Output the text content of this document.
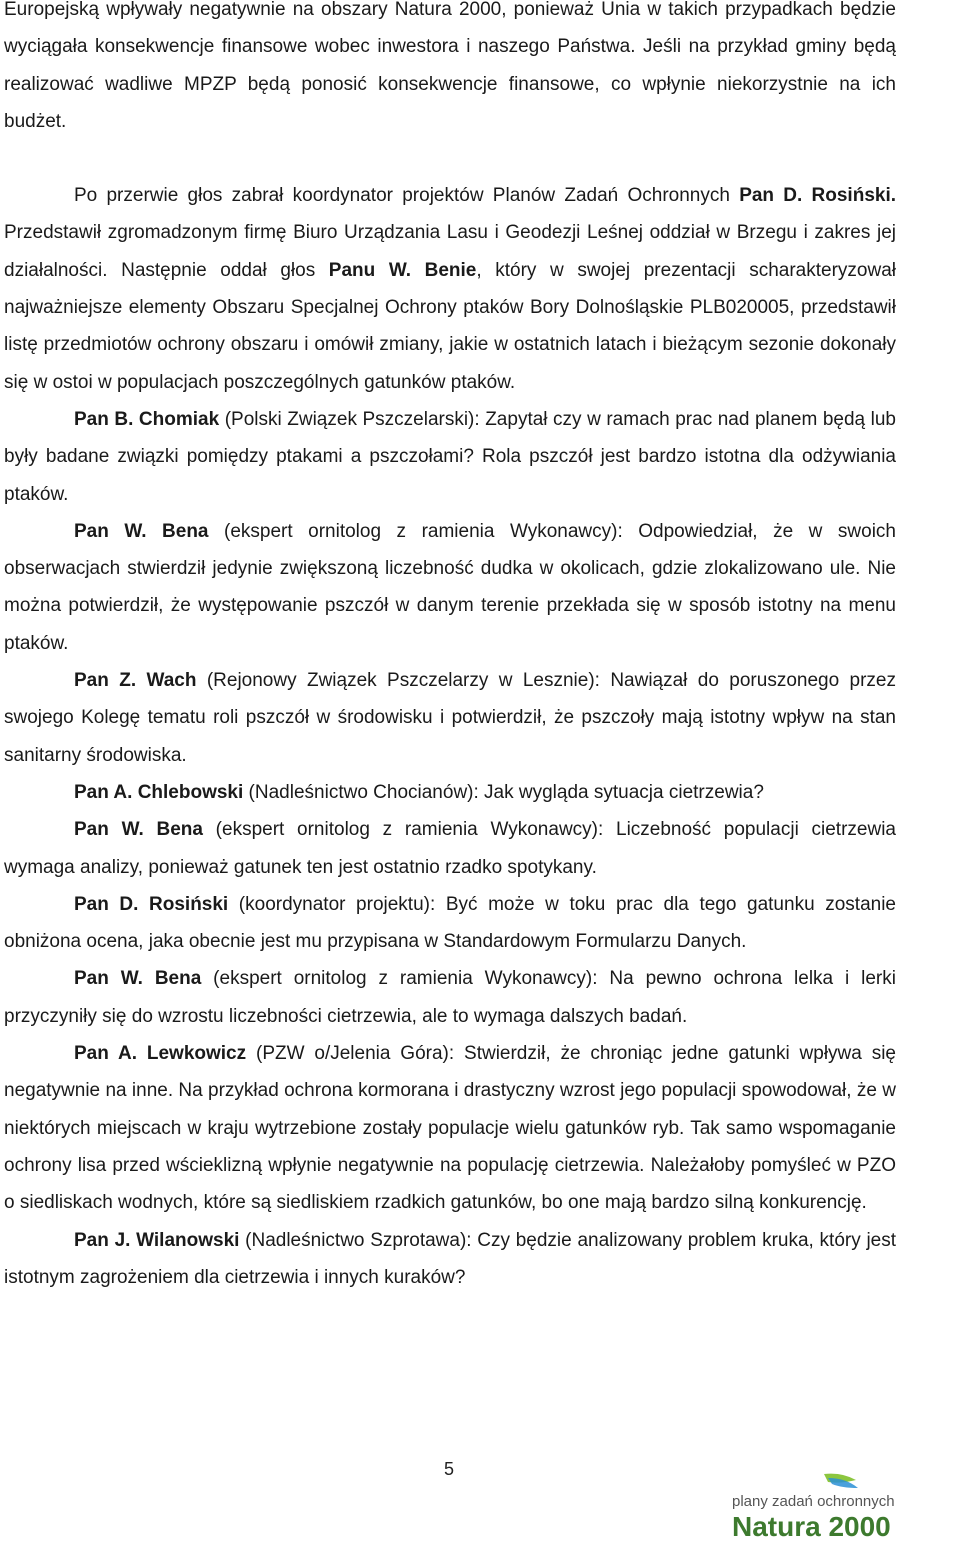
Europejską wpływały negatywnie na obszary Natura 2000, ponieważ Unia w takich przypadkach będzie wyciągała konsekwencje finansowe wobec inwestora i naszego Państwa. Jeśli na przykład gminy będą realizować wadliwe MPZP będą ponosić konsekwencje finansowe, co wpłynie niekorzystnie na ich budżet.

Po przerwie głos zabrał koordynator projektów Planów Zadań Ochronnych Pan D. Rosiński. Przedstawił zgromadzonym firmę Biuro Urządzania Lasu i Geodezji Leśnej oddział w Brzegu i zakres jej działalności. Następnie oddał głos Panu W. Benie, który w swojej prezentacji scharakteryzował najważniejsze elementy Obszaru Specjalnej Ochrony ptaków Bory Dolnośląskie PLB020005, przedstawił listę przedmiotów ochrony obszaru i omówił zmiany, jakie w ostatnich latach i bieżącym sezonie dokonały się w ostoi w populacjach poszczególnych gatunków ptaków.

Pan B. Chomiak (Polski Związek Pszczelarski): Zapytał czy w ramach prac nad planem będą lub były badane związki pomiędzy ptakami a pszczołami? Rola pszczół jest bardzo istotna dla odżywiania ptaków.

Pan W. Bena (ekspert ornitolog z ramienia Wykonawcy): Odpowiedział, że w swoich obserwacjach stwierdził jedynie zwiększoną liczebność dudka w okolicach, gdzie zlokalizowano ule. Nie można potwierdził, że występowanie pszczół w danym terenie przekłada się w sposób istotny na menu ptaków.

Pan Z. Wach (Rejonowy Związek Pszczelarzy w Lesznie): Nawiązał do poruszonego przez swojego Kolegę tematu roli pszczół w środowisku i potwierdził, że pszczoły mają istotny wpływ na stan sanitarny środowiska.

Pan A. Chlebowski (Nadleśnictwo Chocianów): Jak wygląda sytuacja cietrzewia?

Pan W. Bena (ekspert ornitolog z ramienia Wykonawcy): Liczebność populacji cietrzewia wymaga analizy, ponieważ gatunek ten jest ostatnio rzadko spotykany.

Pan D. Rosiński (koordynator projektu): Być może w toku prac dla tego gatunku zostanie obniżona ocena, jaka obecnie jest mu przypisana w Standardowym Formularzu Danych.

Pan W. Bena (ekspert ornitolog z ramienia Wykonawcy): Na pewno ochrona lelka i lerki przyczyniły się do wzrostu liczebności cietrzewia, ale to wymaga dalszych badań.

Pan A. Lewkowicz (PZW o/Jelenia Góra): Stwierdził, że chroniąc jedne gatunki wpływa się negatywnie na inne. Na przykład ochrona kormorana i drastyczny wzrost jego populacji spowodował, że w niektórych miejscach w kraju wytrzebione zostały populacje wielu gatunków ryb. Tak samo wspomaganie ochrony lisa przed wścieklizną wpłynie negatywnie na populację cietrzewia. Należałoby pomyśleć w PZO o siedliskach wodnych, które są siedliskiem rzadkich gatunków, bo one mają bardzo silną konkurencję.

Pan J. Wilanowski (Nadleśnictwo Szprotawa): Czy będzie analizowany problem kruka, który jest istotnym zagrożeniem dla cietrzewia i innych kuraków?

5
plany zadań ochronnych
Natura 2000
